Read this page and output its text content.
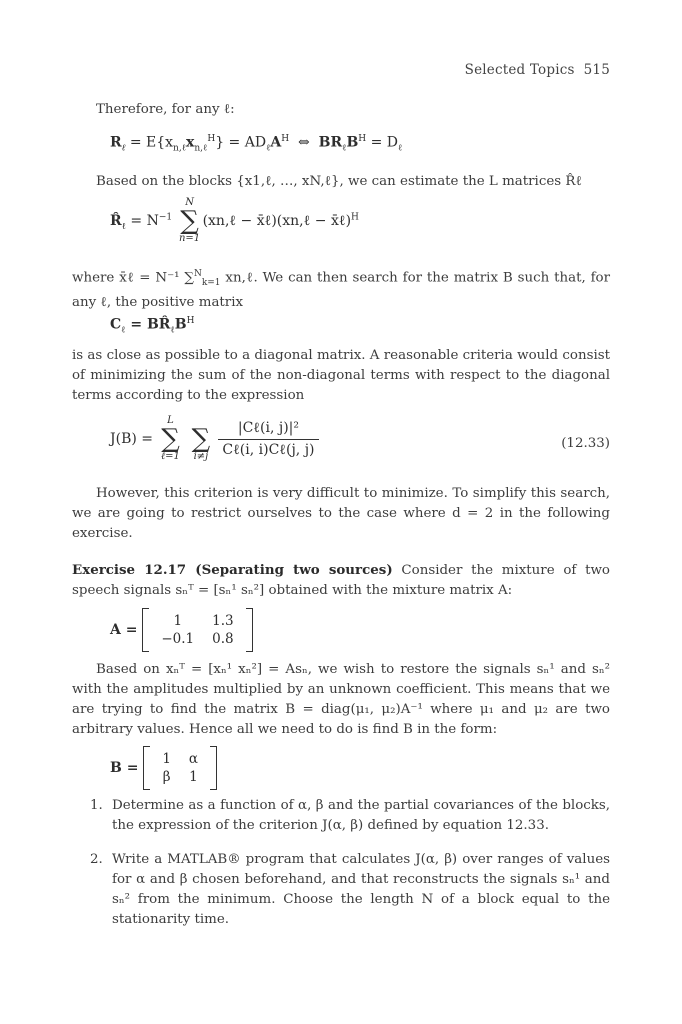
Selected Topics 515
Therefore, for any ℓ:
$R_\ell = E\{x_{n,\ell}x_{n,\ell}^H\} = AD_\ell A^H$ ⇔ $BR_\ell B^H = D_\ell$
Based on the blocks {x1,ℓ, …, xN,ℓ}, we can estimate the L matrices R̂ℓ
$R̂_\ell = N^{-1}$
N
∑
n=1
(xn,ℓ − x̄ℓ)(xn,ℓ − x̄ℓ)$^H$
where x̄ℓ = N⁻¹ ∑$^N_{k=1}$ xn,ℓ. We can then search for the matrix B such that, for any ℓ, the positive matrix
$C_\ell$ = $BR̂_\ell B^H$
is as close as possible to a diagonal matrix. A reasonable criteria would consist of minimizing the sum of the non-diagonal terms with respect to the diagonal terms according to the expression
J(B) =
L
∑
ℓ=1

∑
i≠j
$\frac{\text{|Cℓ(i, j)|²}}{\text{Cℓ(i, i)Cℓ(j, j)}}$	(12.33)
However, this criterion is very difficult to minimize. To simplify this search, we are going to restrict ourselves to the case where d = 2 in the following exercise.
Exercise 12.17 (Separating two sources) Consider the mixture of two speech signals sₙᵀ = [sₙ¹ sₙ²] obtained with the mixture matrix A:
A =
1	1.3
−0.1	0.8
Based on xₙᵀ = [xₙ¹ xₙ²] = Asₙ, we wish to restore the signals sₙ¹ and sₙ² with the amplitudes multiplied by an unknown coefficient. This means that we are trying to find the matrix B = diag(μ₁, μ₂)A⁻¹ where μ₁ and μ₂ are two arbitrary values. Hence all we need to do is find B in the form:
B =
1	α
β	1
1. Determine as a function of α, β and the partial covariances of the blocks, the expression of the criterion J(α, β) defined by equation 12.33.
2. Write a MATLAB® program that calculates J(α, β) over ranges of values for α and β chosen beforehand, and that reconstructs the signals sₙ¹ and sₙ² from the minimum. Choose the length N of a block equal to the stationarity time.
